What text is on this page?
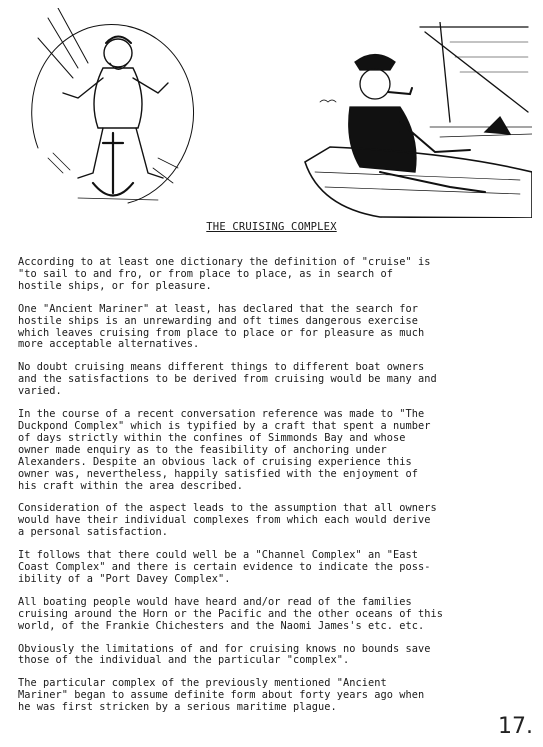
THE CRUISING COMPLEX

According to at least one dictionary the definition of "cruise" is
"to sail to and fro, or from place to place, as in search of
hostile ships, or for pleasure.

One "Ancient Mariner" at least, has declared that the search for
hostile ships is an unrewarding and oft times dangerous exercise
which leaves cruising from place to place or for pleasure as much
more acceptable alternatives.

No doubt cruising means different things to different boat owners
and the satisfactions to be derived from cruising would be many and
varied.

In the course of a recent conversation reference was made to "The
Duckpond Complex" which is typified by a craft that spent a number
of days strictly within the confines of Simmonds Bay and whose
owner made enquiry as to the feasibility of anchoring under
Alexanders. Despite an obvious lack of cruising experience this
owner was, nevertheless, happily satisfied with the enjoyment of
his craft within the area described.

Consideration of the aspect leads to the assumption that all owners
would have their individual complexes from which each would derive
a personal satisfaction.

It follows that there could well be a "Channel Complex" an "East
Coast Complex" and there is certain evidence to indicate the poss-
ibility of a "Port Davey Complex".

All boating people would have heard and/or read of the families
cruising around the Horn or the Pacific and the other oceans of this
world, of the Frankie Chichesters and the Naomi James's etc. etc.

Obviously the limitations of and for cruising knows no bounds save
those of the individual and the particular "complex".

The particular complex of the previously mentioned "Ancient
Mariner" began to assume definite form about forty years ago when
he was first stricken by a serious maritime plague.

17.
